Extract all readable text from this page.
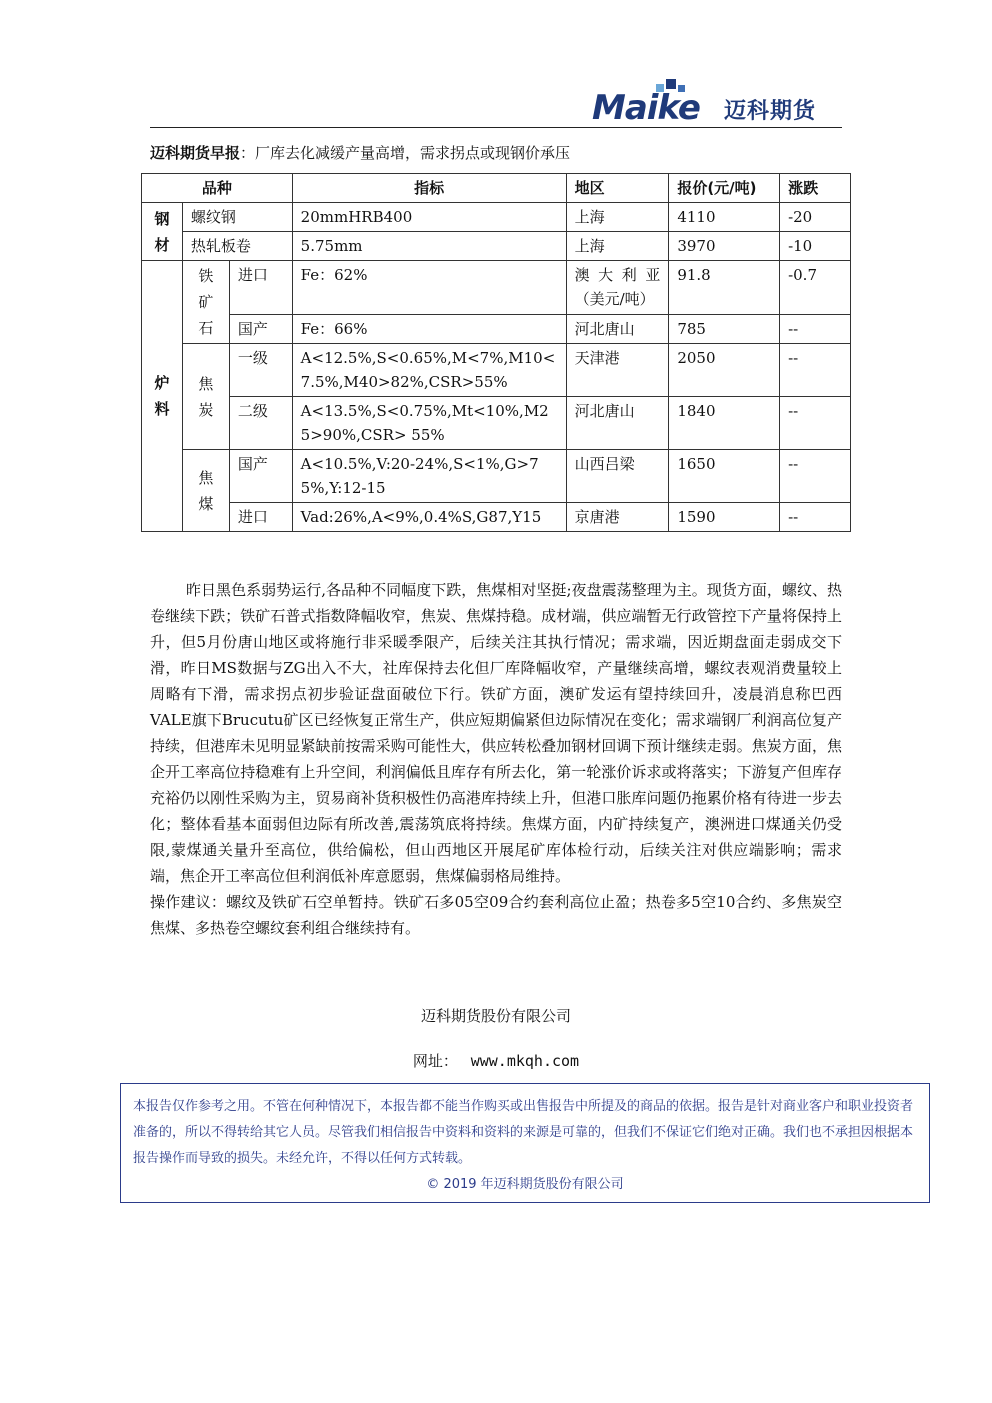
Maike 迈科期货
迈科期货早报：厂库去化减缓产量高增，需求拐点或现钢价承压
品种			指标	地区	报价(元/吨)	涨跌
钢材	螺纹钢		20mmHRB400	上海	4110	-20
	热轧板卷		5.75mm	上海	3970	-10
炉料	铁矿石	进口	Fe：62%	澳大利亚（美元/吨）	91.8	-0.7
		国产	Fe：66%	河北唐山	785	--
	焦炭	一级	A<12.5%,S<0.65%,M<7%,M10<7.5%,M40>82%,CSR>55%	天津港	2050	--
		二级	A<13.5%,S<0.75%,Mt<10%,M25>90%,CSR> 55%	河北唐山	1840	--
	焦煤	国产	A<10.5%,V:20-24%,S<1%,G>75%,Y:12-15	山西吕梁	1650	--
		进口	Vad:26%,A<9%,0.4%S,G87,Y15	京唐港	1590	--

昨日黑色系弱势运行,各品种不同幅度下跌，焦煤相对坚挺;夜盘震荡整理为主。现货方面，螺纹、热卷继续下跌；铁矿石普式指数降幅收窄，焦炭、焦煤持稳。成材端，供应端暂无行政管控下产量将保持上升，但5月份唐山地区或将施行非采暖季限产，后续关注其执行情况；需求端，因近期盘面走弱成交下滑，昨日MS数据与ZG出入不大，社库保持去化但厂库降幅收窄，产量继续高增，螺纹表观消费量较上周略有下滑，需求拐点初步验证盘面破位下行。铁矿方面，澳矿发运有望持续回升，凌晨消息称巴西VALE旗下Brucutu矿区已经恢复正常生产，供应短期偏紧但边际情况在变化；需求端钢厂利润高位复产持续，但港库未见明显紧缺前按需采购可能性大，供应转松叠加钢材回调下预计继续走弱。焦炭方面，焦企开工率高位持稳难有上升空间，利润偏低且库存有所去化，第一轮涨价诉求或将落实；下游复产但库存充裕仍以刚性采购为主，贸易商补货积极性仍高港库持续上升，但港口胀库问题仍拖累价格有待进一步去化；整体看基本面弱但边际有所改善,震荡筑底将持续。焦煤方面，内矿持续复产，澳洲进口煤通关仍受限,蒙煤通关量升至高位，供给偏松，但山西地区开展尾矿库体检行动，后续关注对供应端影响；需求端，焦企开工率高位但利润低补库意愿弱，焦煤偏弱格局维持。

操作建议：螺纹及铁矿石空单暂持。铁矿石多05空09合约套利高位止盈；热卷多5空10合约、多焦炭空焦煤、多热卷空螺纹套利组合继续持有。

迈科期货股份有限公司
网址： www.mkqh.com
本报告仅作参考之用。不管在何种情况下，本报告都不能当作购买或出售报告中所提及的商品的依据。报告是针对商业客户和职业投资者准备的，所以不得转给其它人员。尽管我们相信报告中资料和资料的来源是可靠的，但我们不保证它们绝对正确。我们也不承担因根据本报告操作而导致的损失。未经允许，不得以任何方式转载。
© 2019 年迈科期货股份有限公司
